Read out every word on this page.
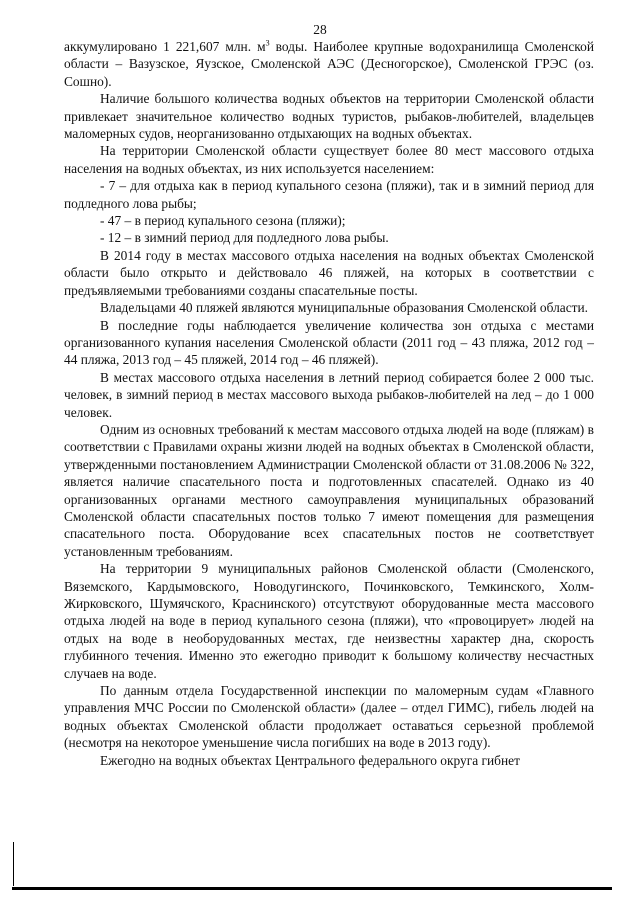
28

аккумулировано 1 221,607 млн. $м^3$ воды. Наиболее крупные водохранилища Смоленской области – Вазузское, Яузское, Смоленской АЭС (Десногорское), Смоленской ГРЭС (оз. Сошно).

Наличие большого количества водных объектов на территории Смоленской области привлекает значительное количество водных туристов, рыбаков-любителей, владельцев маломерных судов, неорганизованно отдыхающих на водных объектах.

На территории Смоленской области существует более 80 мест массового отдыха населения на водных объектах, из них используется населением:

- 7 – для отдыха как в период купального сезона (пляжи), так и в зимний период для подледного лова рыбы;

- 47 – в период купального сезона (пляжи);

- 12 – в зимний период для подледного лова рыбы.

В 2014 году в местах массового отдыха населения на водных объектах Смоленской области было открыто и действовало 46 пляжей, на которых в соответствии с предъявляемыми требованиями созданы спасательные посты.

Владельцами 40 пляжей являются муниципальные образования Смоленской области.

В последние годы наблюдается увеличение количества зон отдыха с местами организованного купания населения Смоленской области (2011 год – 43 пляжа, 2012 год – 44 пляжа, 2013 год – 45 пляжей, 2014 год – 46 пляжей).

В местах массового отдыха населения в летний период собирается более 2 000 тыс. человек, в зимний период в местах массового выхода рыбаков-любителей на лед – до 1 000 человек.

Одним из основных требований к местам массового отдыха людей на воде (пляжам) в соответствии с Правилами охраны жизни людей на водных объектах в Смоленской области, утвержденными постановлением Администрации Смоленской области от 31.08.2006 № 322, является наличие спасательного поста и подготовленных спасателей. Однако из 40 организованных органами местного самоуправления муниципальных образований Смоленской области спасательных постов только 7 имеют помещения для размещения спасательного поста. Оборудование всех спасательных постов не соответствует установленным требованиям.

На территории 9 муниципальных районов Смоленской области (Смоленского, Вяземского, Кардымовского, Новодугинского, Починковского, Темкинского, Холм-Жирковского, Шумячского, Краснинского) отсутствуют оборудованные места массового отдыха людей на воде в период купального сезона (пляжи), что «провоцирует» людей на отдых на воде в необорудованных местах, где неизвестны характер дна, скорость глубинного течения. Именно это ежегодно приводит к большому количеству несчастных случаев на воде.

По данным отдела Государственной инспекции по маломерным судам «Главного управления МЧС России по Смоленской области» (далее – отдел ГИМС), гибель людей на водных объектах Смоленской области продолжает оставаться серьезной проблемой (несмотря на некоторое уменьшение числа погибших на воде в 2013 году).

Ежегодно на водных объектах Центрального федерального округа гибнет
